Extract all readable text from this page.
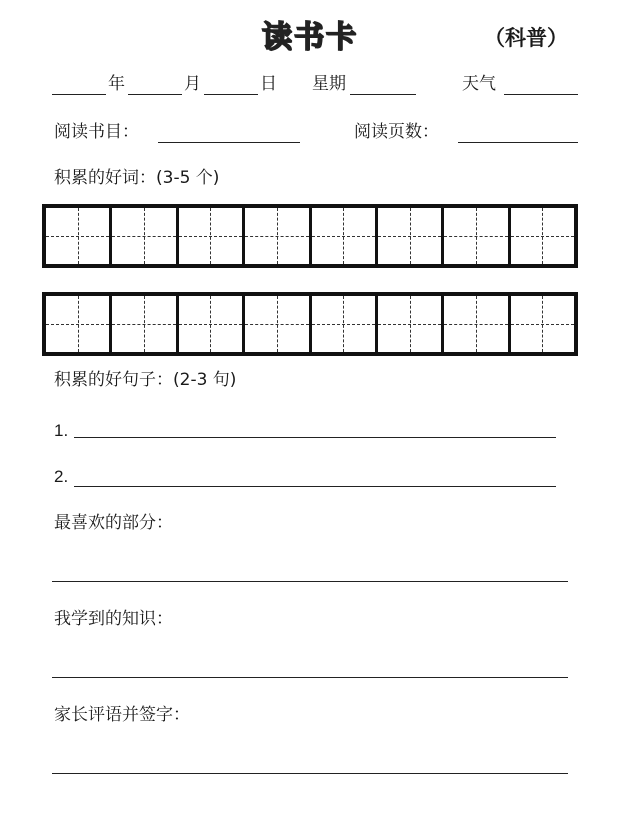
读书卡	（科普）
年	月	日 星期	天气
阅读书目：	阅读页数：
积累的好词：(3-5 个)
积累的好句子：(2-3 句)
1.
2.
最喜欢的部分：
我学到的知识：
家长评语并签字：
